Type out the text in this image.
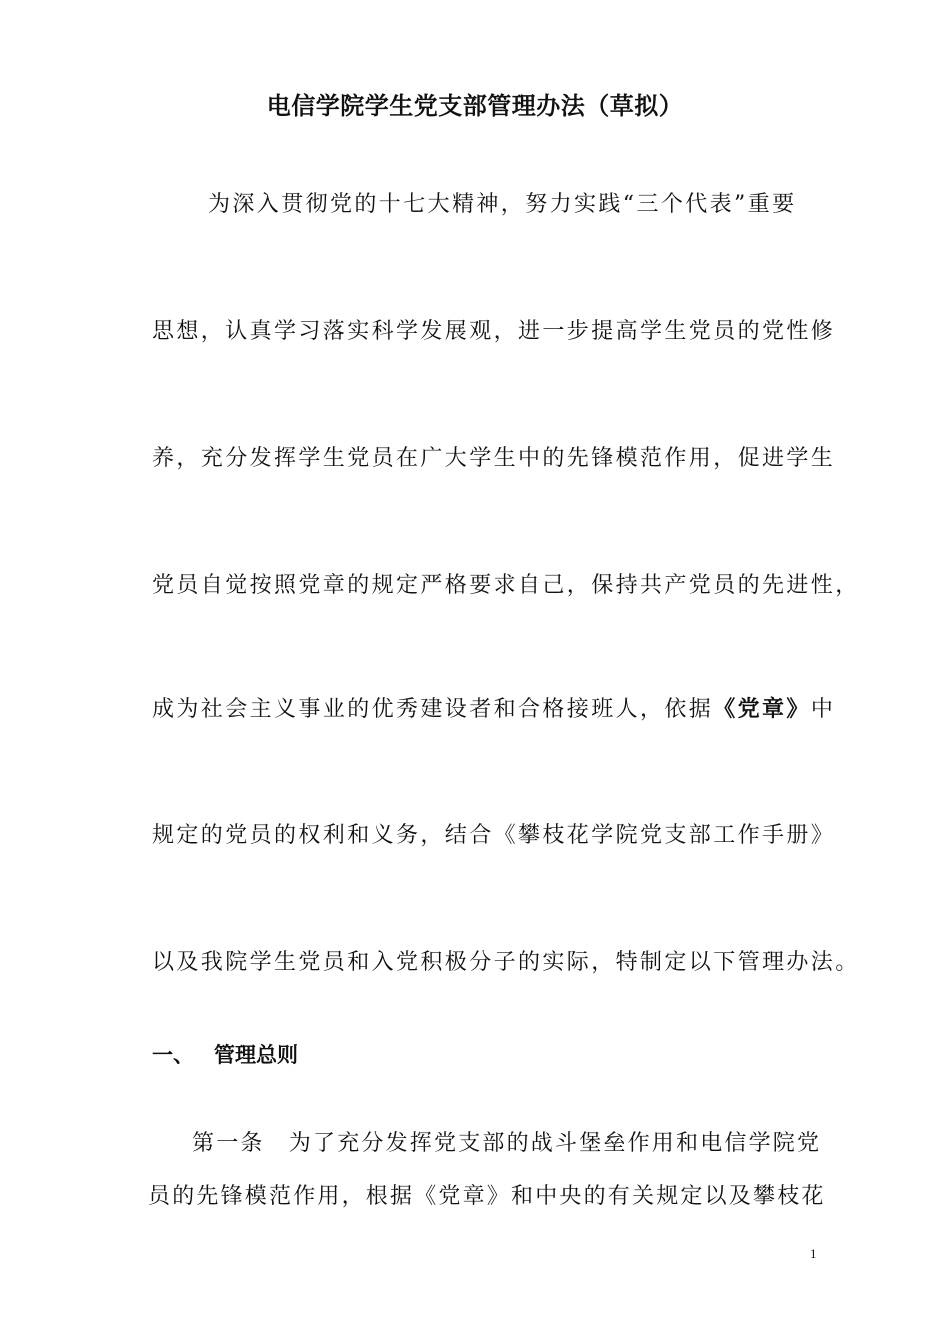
电信学院学生党支部管理办法（草拟）
为深入贯彻党的十七大精神，努力实践“三个代表”重要
思想，认真学习落实科学发展观，进一步提高学生党员的党性修
养，充分发挥学生党员在广大学生中的先锋模范作用，促进学生
党员自觉按照党章的规定严格要求自己，保持共产党员的先进性，
成为社会主义事业的优秀建设者和合格接班人，依据《党章》中
规定的党员的权利和义务，结合《攀枝花学院党支部工作手册》
以及我院学生党员和入党积极分子的实际，特制定以下管理办法。
一、 管理总则
第一条　为了充分发挥党支部的战斗堡垒作用和电信学院党
员的先锋模范作用，根据《党章》和中央的有关规定以及攀枝花
1
